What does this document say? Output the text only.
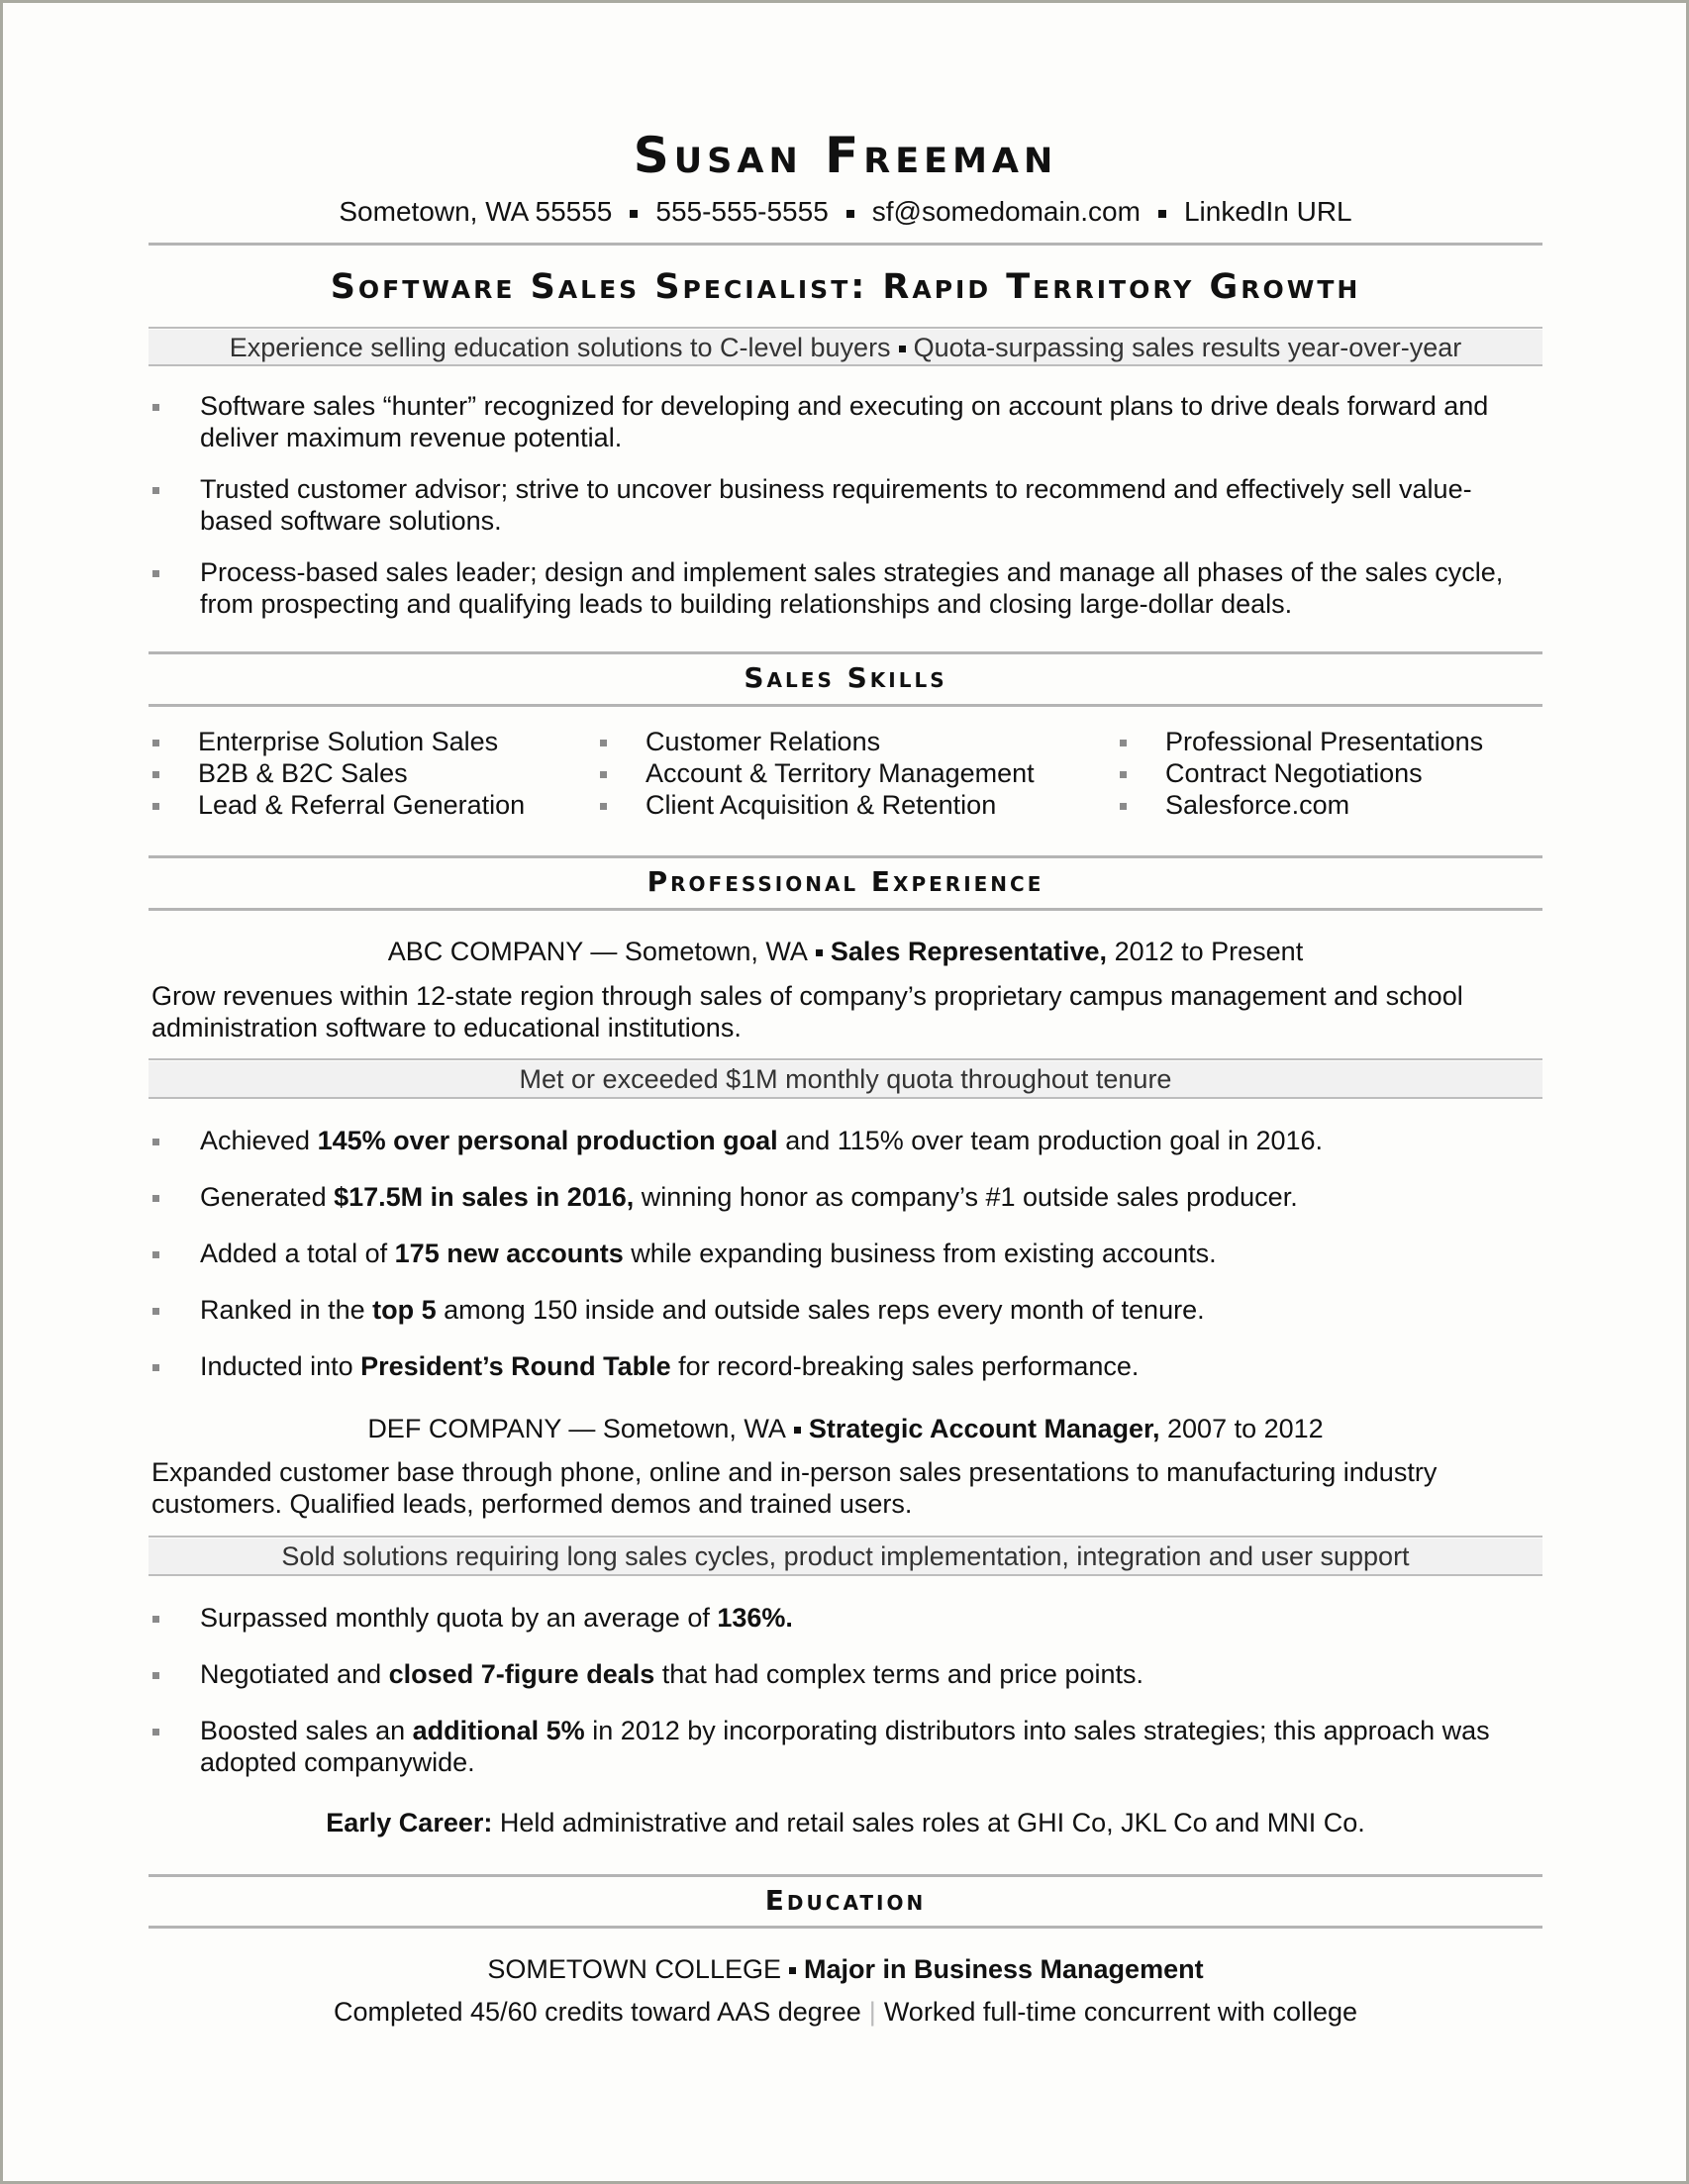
Susan Freeman
Sometown, WA 55555 555-555-5555 sf@somedomain.com LinkedIn URL
Software Sales Specialist: Rapid Territory Growth
Experience selling education solutions to C-level buyers Quota-surpassing sales results year-over-year
Software sales “hunter” recognized for developing and executing on account plans to drive deals forward and deliver maximum revenue potential.
Trusted customer advisor; strive to uncover business requirements to recommend and effectively sell value-based software solutions.
Process-based sales leader; design and implement sales strategies and manage all phases of the sales cycle, from prospecting and qualifying leads to building relationships and closing large-dollar deals.
Sales Skills
Enterprise Solution Sales
B2B & B2C Sales
Lead & Referral Generation
Customer Relations
Account & Territory Management
Client Acquisition & Retention
Professional Presentations
Contract Negotiations
Salesforce.com
Professional Experience
ABC COMPANY — Sometown, WA Sales Representative, 2012 to Present
Grow revenues within 12-state region through sales of company’s proprietary campus management and school administration software to educational institutions.
Met or exceeded $1M monthly quota throughout tenure
Achieved 145% over personal production goal and 115% over team production goal in 2016.
Generated $17.5M in sales in 2016, winning honor as company’s #1 outside sales producer.
Added a total of 175 new accounts while expanding business from existing accounts.
Ranked in the top 5 among 150 inside and outside sales reps every month of tenure.
Inducted into President’s Round Table for record-breaking sales performance.
DEF COMPANY — Sometown, WA Strategic Account Manager, 2007 to 2012
Expanded customer base through phone, online and in-person sales presentations to manufacturing industry customers. Qualified leads, performed demos and trained users.
Sold solutions requiring long sales cycles, product implementation, integration and user support
Surpassed monthly quota by an average of 136%.
Negotiated and closed 7-figure deals that had complex terms and price points.
Boosted sales an additional 5% in 2012 by incorporating distributors into sales strategies; this approach was adopted companywide.
Early Career: Held administrative and retail sales roles at GHI Co, JKL Co and MNI Co.
Education
SOMETOWN COLLEGE Major in Business Management
Completed 45/60 credits toward AAS degree | Worked full-time concurrent with college
